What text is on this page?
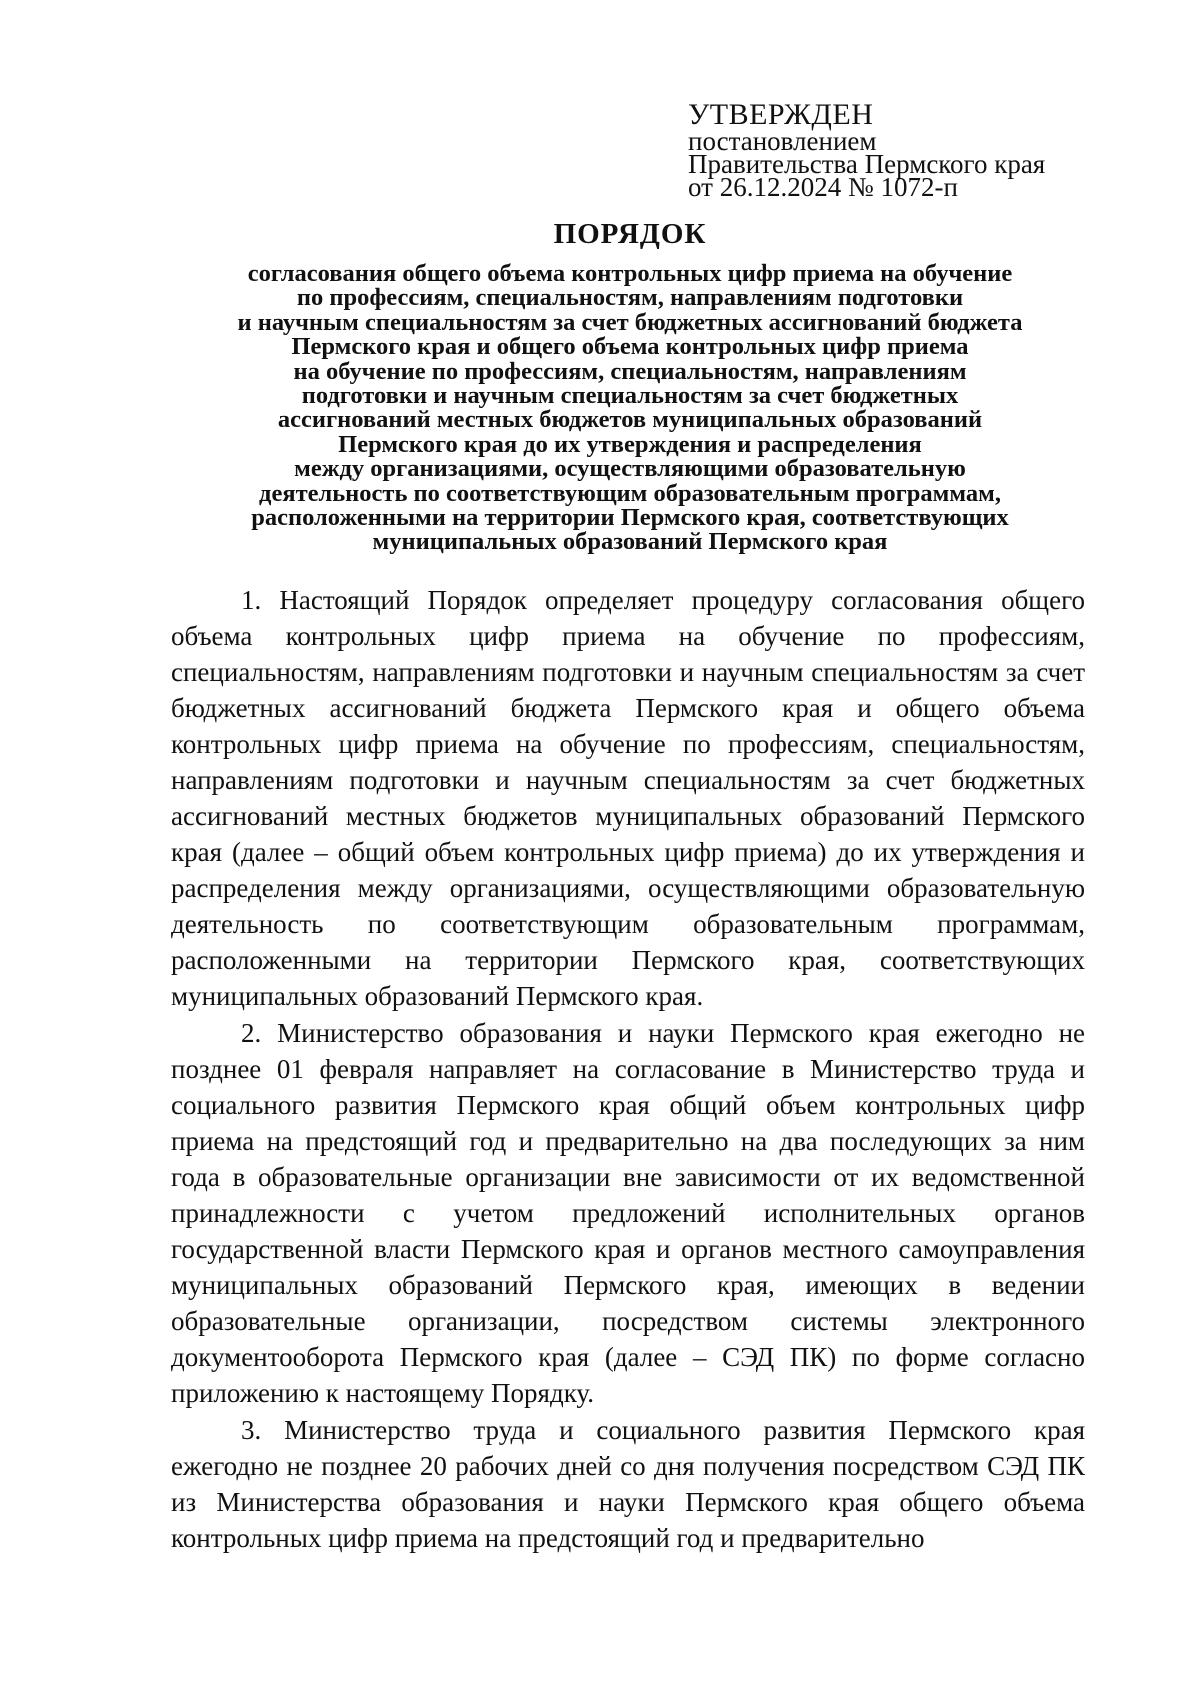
УТВЕРЖДЕН
постановлением
Правительства Пермского края
от 26.12.2024 № 1072-п
ПОРЯДОК
согласования общего объема контрольных цифр приема на обучение
по профессиям, специальностям, направлениям подготовки
и научным специальностям за счет бюджетных ассигнований бюджета
Пермского края и общего объема контрольных цифр приема
на обучение по профессиям, специальностям, направлениям
подготовки и научным специальностям за счет бюджетных
ассигнований местных бюджетов муниципальных образований
Пермского края до их утверждения и распределения
между организациями, осуществляющими образовательную
деятельность по соответствующим образовательным программам,
расположенными на территории Пермского края, соответствующих
муниципальных образований Пермского края

1. Настоящий Порядок определяет процедуру согласования общего объема контрольных цифр приема на обучение по профессиям, специальностям, направлениям подготовки и научным специальностям за счет бюджетных ассигнований бюджета Пермского края и общего объема контрольных цифр приема на обучение по профессиям, специальностям, направлениям подготовки и научным специальностям за счет бюджетных ассигнований местных бюджетов муниципальных образований Пермского края (далее – общий объем контрольных цифр приема) до их утверждения и распределения между организациями, осуществляющими образовательную деятельность по соответствующим образовательным программам, расположенными на территории Пермского края, соответствующих муниципальных образований Пермского края.

2. Министерство образования и науки Пермского края ежегодно не позднее 01 февраля направляет на согласование в Министерство труда и социального развития Пермского края общий объем контрольных цифр приема на предстоящий год и предварительно на два последующих за ним года в образовательные организации вне зависимости от их ведомственной принадлежности с учетом предложений исполнительных органов государственной власти Пермского края и органов местного самоуправления муниципальных образований Пермского края, имеющих в ведении образовательные организации, посредством системы электронного документооборота Пермского края (далее – СЭД ПК) по форме согласно приложению к настоящему Порядку.

3. Министерство труда и социального развития Пермского края ежегодно не позднее 20 рабочих дней со дня получения посредством СЭД ПК из Министерства образования и науки Пермского края общего объема контрольных цифр приема на предстоящий год и предварительно
